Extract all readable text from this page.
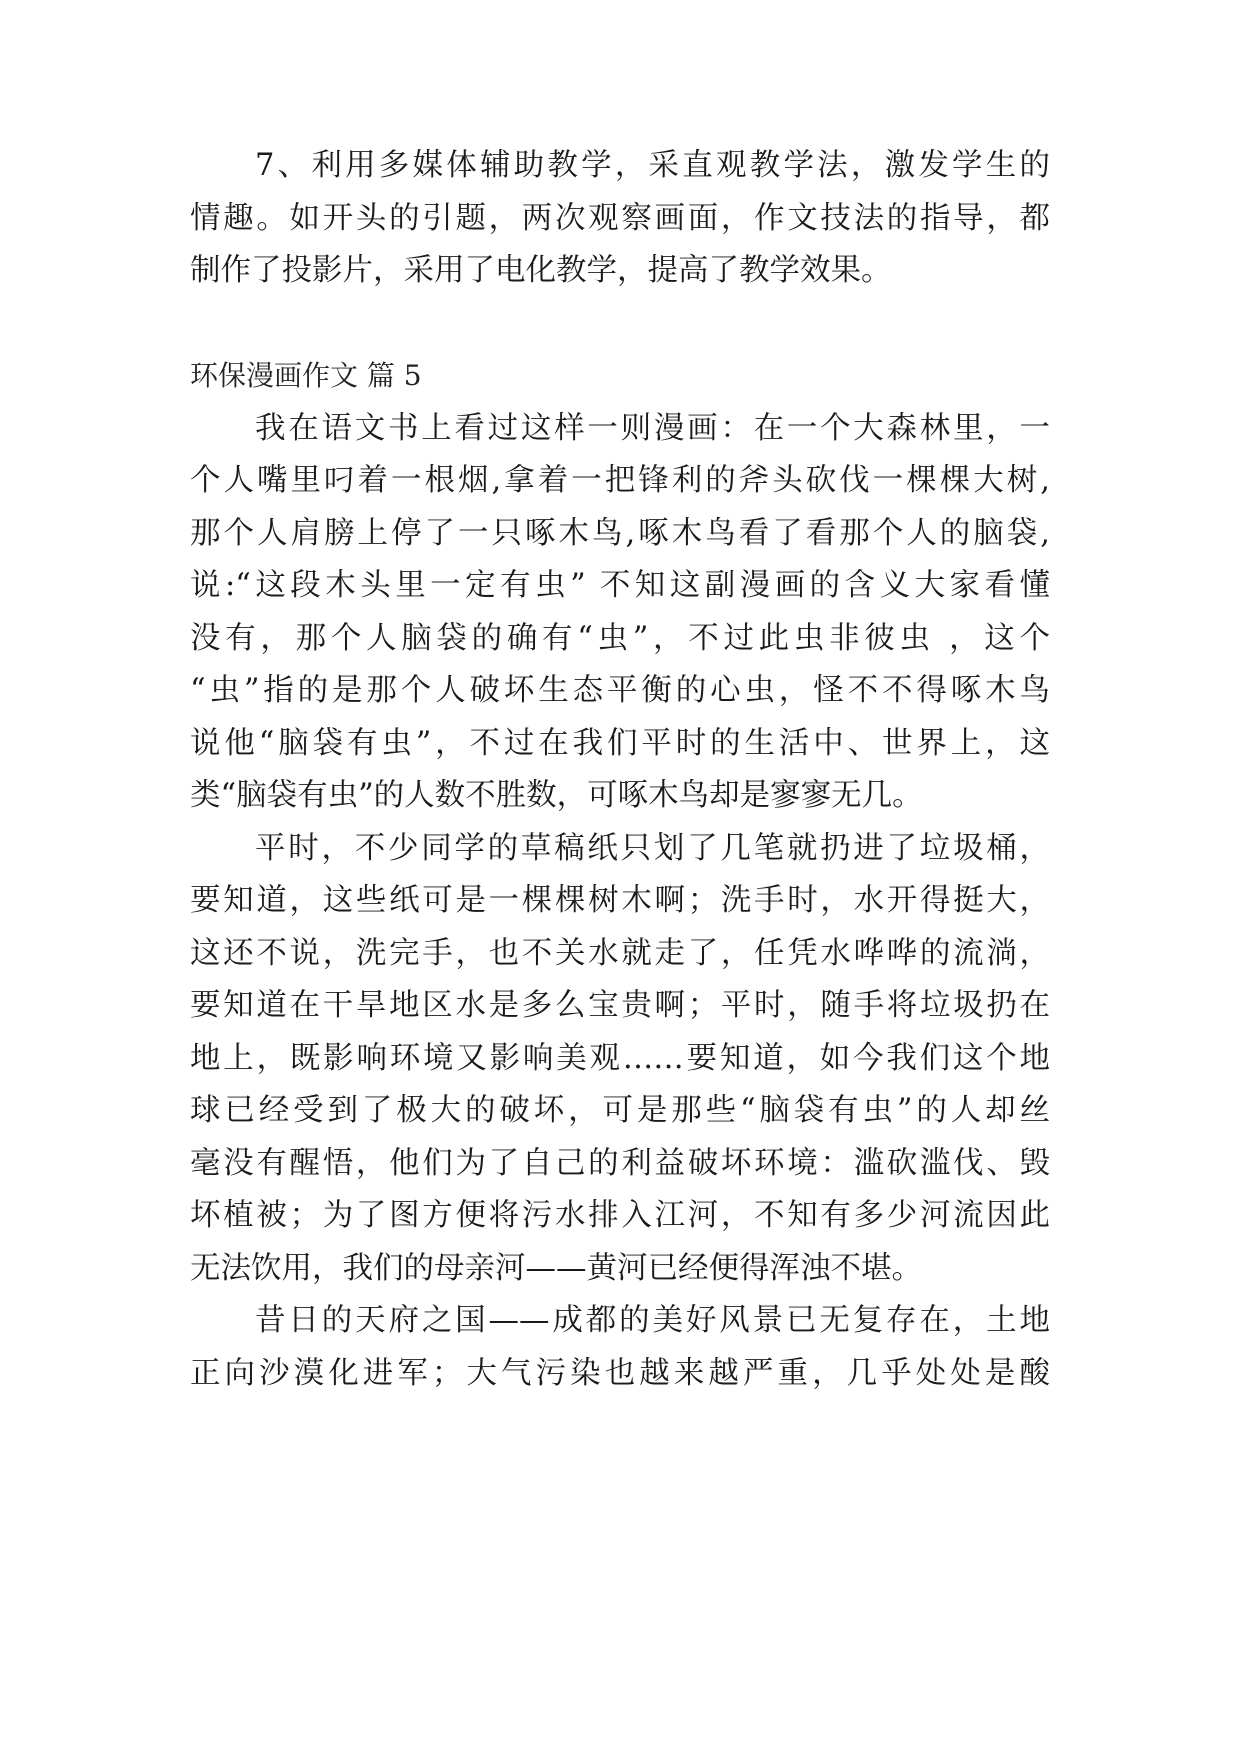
7、利用多媒体辅助教学，采直观教学法，激发学生的
情趣。如开头的引题，两次观察画面，作文技法的指导，都
制作了投影片，采用了电化教学，提高了教学效果。
环保漫画作文 篇 5
我在语文书上看过这样一则漫画：在一个大森林里，一
个人嘴里叼着一根烟,拿着一把锋利的斧头砍伐一棵棵大树,
那个人肩膀上停了一只啄木鸟,啄木鸟看了看那个人的脑袋,
说:“这段木头里一定有虫” 不知这副漫画的含义大家看懂
没有，那个人脑袋的确有“虫”，不过此虫非彼虫 ，这个
“虫”指的是那个人破坏生态平衡的心虫，怪不不得啄木鸟
说他“脑袋有虫”，不过在我们平时的生活中、世界上，这
类“脑袋有虫”的人数不胜数，可啄木鸟却是寥寥无几。
平时，不少同学的草稿纸只划了几笔就扔进了垃圾桶，
要知道，这些纸可是一棵棵树木啊；洗手时，水开得挺大，
这还不说，洗完手，也不关水就走了，任凭水哗哗的流淌，
要知道在干旱地区水是多么宝贵啊；平时，随手将垃圾扔在
地上，既影响环境又影响美观……要知道，如今我们这个地
球已经受到了极大的破坏，可是那些“脑袋有虫”的人却丝
毫没有醒悟，他们为了自己的利益破坏环境：滥砍滥伐、毁
坏植被；为了图方便将污水排入江河，不知有多少河流因此
无法饮用，我们的母亲河——黄河已经便得浑浊不堪。
昔日的天府之国——成都的美好风景已无复存在，土地
正向沙漠化进军；大气污染也越来越严重，几乎处处是酸
